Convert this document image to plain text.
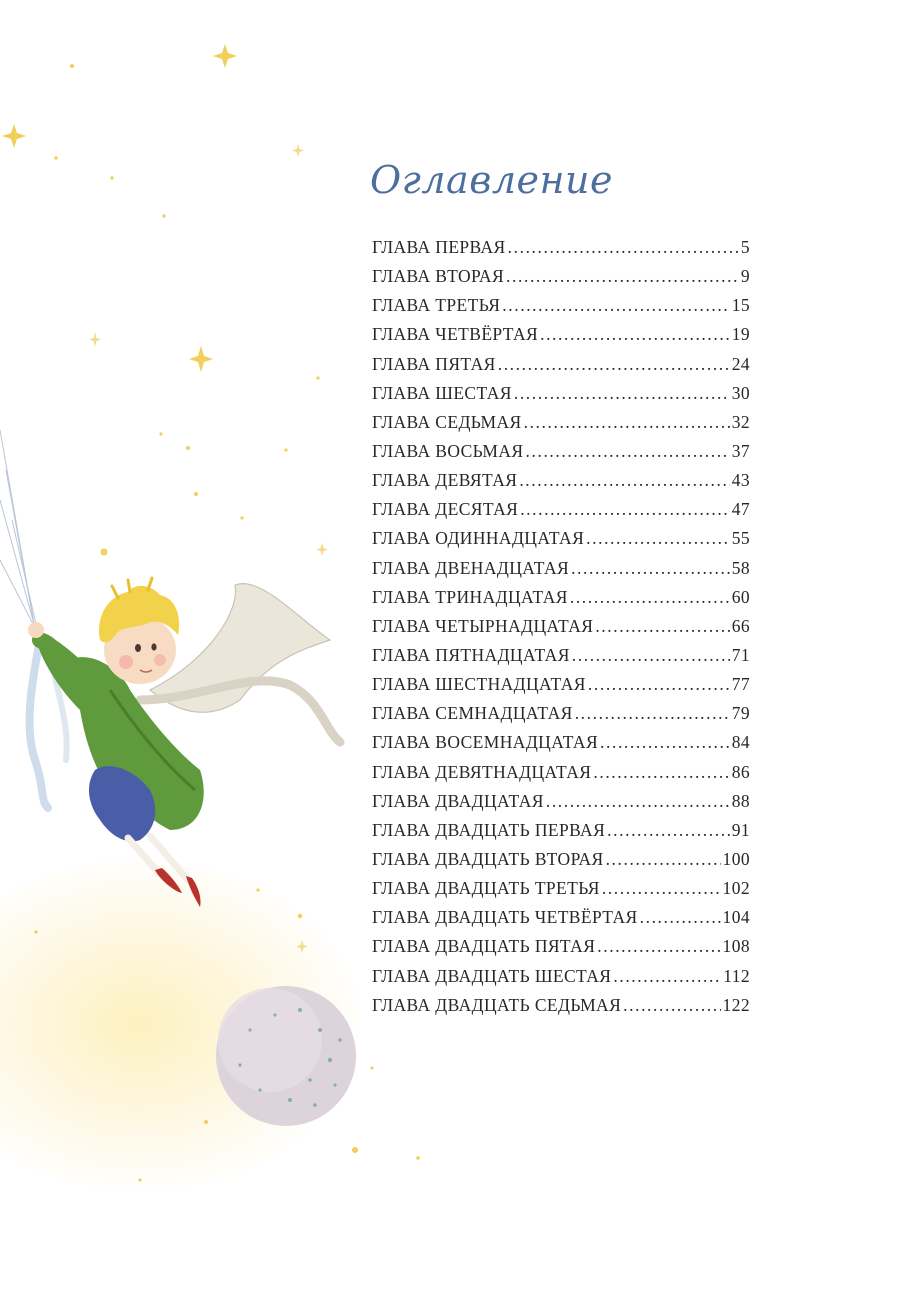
Оглавление
ГЛАВА ПЕРВАЯ .....	5
ГЛАВА ВТОРАЯ .....	9
ГЛАВА ТРЕТЬЯ .....	15
ГЛАВА ЧЕТВЁРТАЯ .....	19
ГЛАВА ПЯТАЯ .....	24
ГЛАВА ШЕСТАЯ .....	30
ГЛАВА СЕДЬМАЯ .....	32
ГЛАВА ВОСЬМАЯ .....	37
ГЛАВА ДЕВЯТАЯ .....	43
ГЛАВА ДЕСЯТАЯ .....	47
ГЛАВА ОДИННАДЦАТАЯ .....	55
ГЛАВА ДВЕНАДЦАТАЯ .....	58
ГЛАВА ТРИНАДЦАТАЯ .....	60
ГЛАВА ЧЕТЫРНАДЦАТАЯ .....	66
ГЛАВА ПЯТНАДЦАТАЯ .....	71
ГЛАВА ШЕСТНАДЦАТАЯ .....	77
ГЛАВА СЕМНАДЦАТАЯ .....	79
ГЛАВА ВОСЕМНАДЦАТАЯ .....	84
ГЛАВА ДЕВЯТНАДЦАТАЯ .....	86
ГЛАВА ДВАДЦАТАЯ .....	88
ГЛАВА ДВАДЦАТЬ ПЕРВАЯ .....	91
ГЛАВА ДВАДЦАТЬ ВТОРАЯ .....	100
ГЛАВА ДВАДЦАТЬ ТРЕТЬЯ .....	102
ГЛАВА ДВАДЦАТЬ ЧЕТВЁРТАЯ .....	104
ГЛАВА ДВАДЦАТЬ ПЯТАЯ .....	108
ГЛАВА ДВАДЦАТЬ ШЕСТАЯ .....	112
ГЛАВА ДВАДЦАТЬ СЕДЬМАЯ .....	122
